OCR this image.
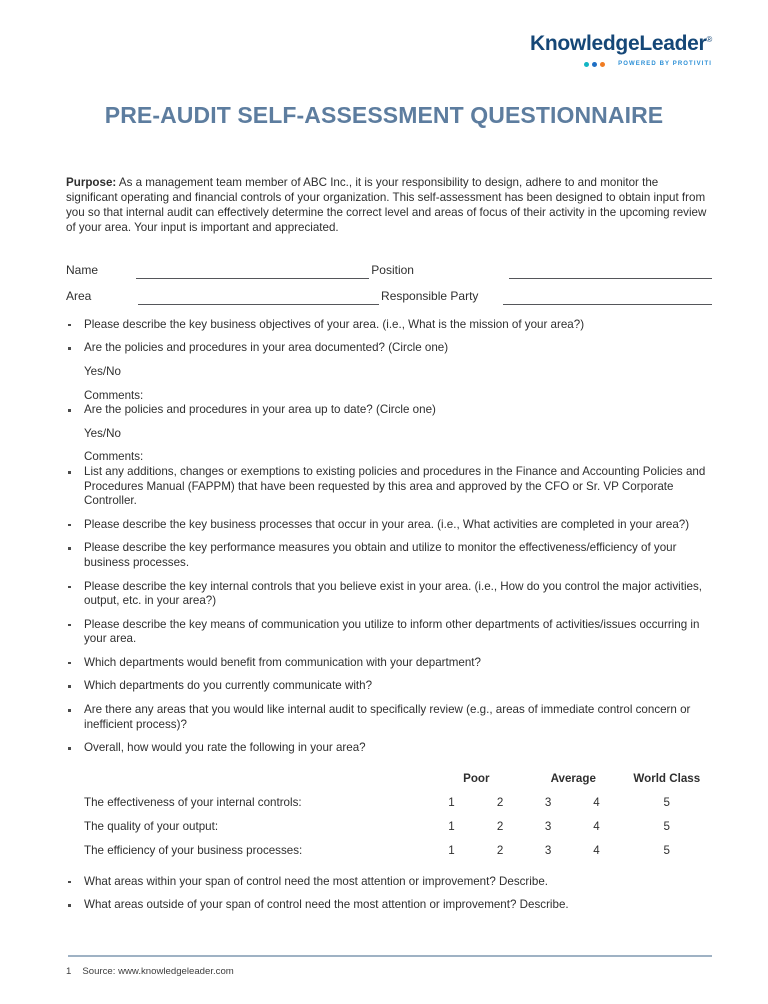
KnowledgeLeader®
POWERED BY PROTIVITI
PRE-AUDIT SELF-ASSESSMENT QUESTIONNAIRE

Purpose: As a management team member of ABC Inc., it is your responsibility to design, adhere to and monitor the significant operating and financial controls of your organization. This self-assessment has been designed to obtain input from you so that internal audit can effectively determine the correct level and areas of focus of their activity in the upcoming review of your area. Your input is important and appreciated.

Name	Position
Area	Responsible Party
Please describe the key business objectives of your area. (i.e., What is the mission of your area?)
Are the policies and procedures in your area documented? (Circle one)
Yes/No
Comments:
Are the policies and procedures in your area up to date? (Circle one)
Yes/No
Comments:
List any additions, changes or exemptions to existing policies and procedures in the Finance and Accounting Policies and Procedures Manual (FAPPM) that have been requested by this area and approved by the CFO or Sr. VP Corporate Controller.
Please describe the key business processes that occur in your area. (i.e., What activities are completed in your area?)
Please describe the key performance measures you obtain and utilize to monitor the effectiveness/efficiency of your business processes.
Please describe the key internal controls that you believe exist in your area. (i.e., How do you control the major activities, output, etc. in your area?)
Please describe the key means of communication you utilize to inform other departments of activities/issues occurring in your area.
Which departments would benefit from communication with your department?
Which departments do you currently communicate with?
Are there any areas that you would like internal audit to specifically review (e.g., areas of immediate control concern or inefficient process)?
Overall, how would you rate the following in your area?
	Poor		Average		World Class
The effectiveness of your internal controls:	1	2	3	4	5
The quality of your output:	1	2	3	4	5
The efficiency of your business processes:	1	2	3	4	5
What areas within your span of control need the most attention or improvement? Describe.
What areas outside of your span of control need the most attention or improvement? Describe.
1 Source: www.knowledgeleader.com
